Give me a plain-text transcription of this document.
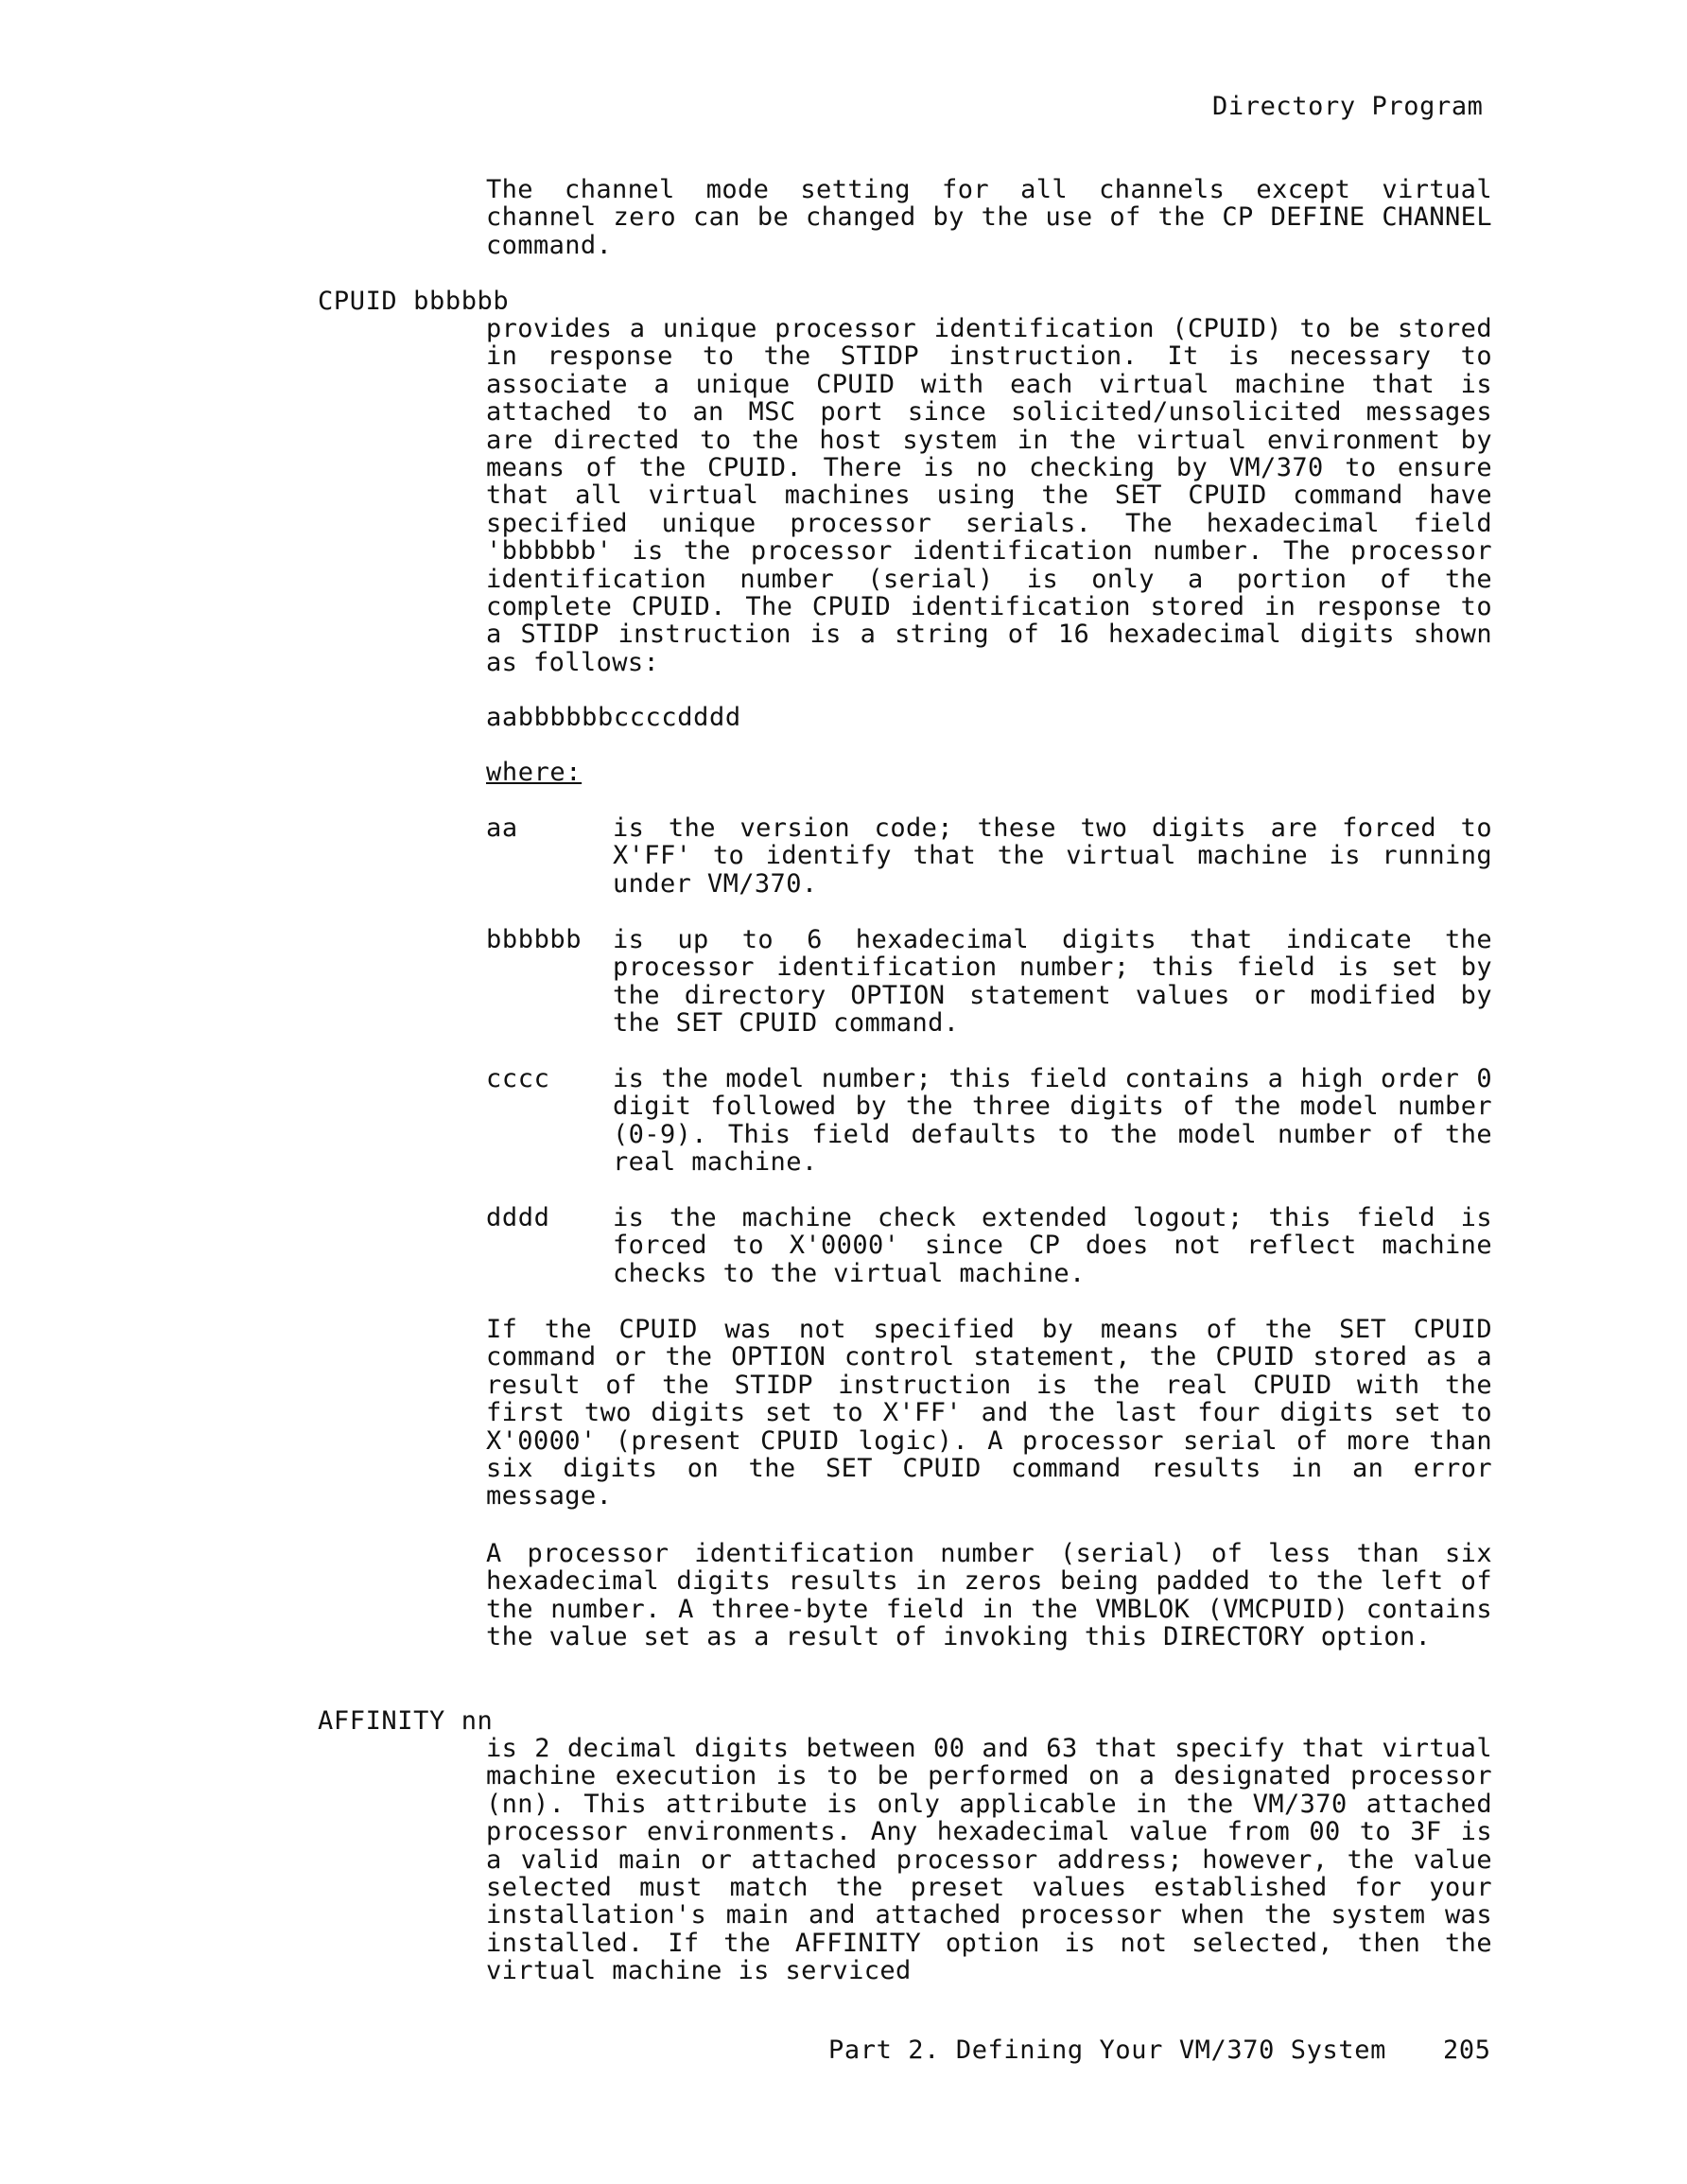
Directory Program
The channel mode setting for all channels except virtual channel zero can be changed by the use of the CP DEFINE CHANNEL command.
CPUID bbbbbb
provides a unique processor identification (CPUID) to be stored in response to the STIDP instruction. It is necessary to associate a unique CPUID with each virtual machine that is attached to an MSC port since solicited/unsolicited messages are directed to the host system in the virtual environment by means of the CPUID. There is no checking by VM/370 to ensure that all virtual machines using the SET CPUID command have specified unique processor serials. The hexadecimal field 'bbbbbb' is the processor identification number. The processor identification number (serial) is only a portion of the complete CPUID. The CPUID identification stored in response to a STIDP instruction is a string of 16 hexadecimal digits shown as follows:
aabbbbbbccccdddd
where:
aa	is the version code; these two digits are forced to X'FF' to identify that the virtual machine is running under VM/370.
bbbbbb is up to 6 hexadecimal digits that indicate the processor identification number; this field is set by the directory OPTION statement values or modified by the SET CPUID command.
cccc is the model number; this field contains a high order 0 digit followed by the three digits of the model number (0-9). This field defaults to the model number of the real machine.
dddd is the machine check extended logout; this field is forced to X'0000' since CP does not reflect machine checks to the virtual machine.
If the CPUID was not specified by means of the SET CPUID command or the OPTION control statement, the CPUID stored as a result of the STIDP instruction is the real CPUID with the first two digits set to X'FF' and the last four digits set to X'0000' (present CPUID logic). A processor serial of more than six digits on the SET CPUID command results in an error message.
A processor identification number (serial) of less than six hexadecimal digits results in zeros being padded to the left of the number. A three-byte field in the VMBLOK (VMCPUID) contains the value set as a result of invoking this DIRECTORY option.
AFFINITY nn
is 2 decimal digits between 00 and 63 that specify that virtual machine execution is to be performed on a designated processor (nn). This attribute is only applicable in the VM/370 attached processor environments. Any hexadecimal value from 00 to 3F is a valid main or attached processor address; however, the value selected must match the preset values established for your installation's main and attached processor when the system was installed. If the AFFINITY option is not selected, then the virtual machine is serviced
Part 2. Defining Your VM/370 System 205
